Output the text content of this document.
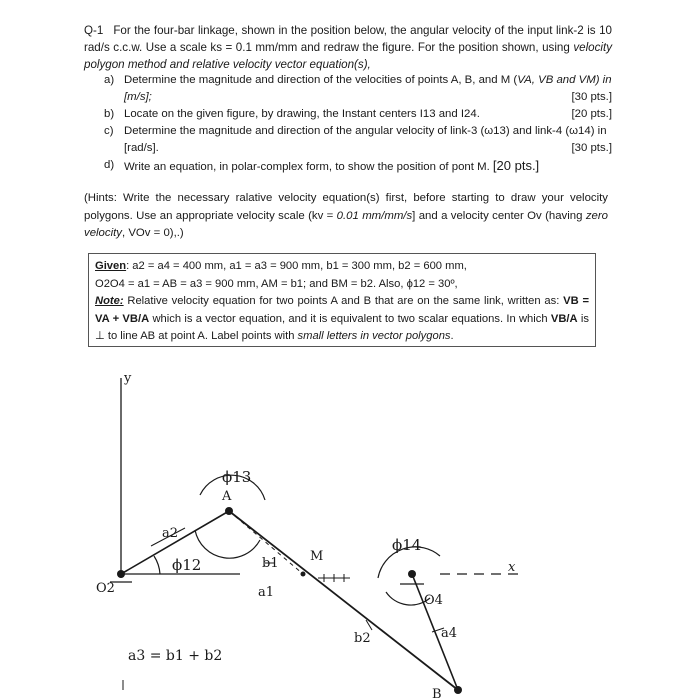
Q-1 For the four-bar linkage, shown in the position below, the angular velocity of the input link-2 is 10 rad/s c.c.w. Use a scale ks = 0.1 mm/mm and redraw the figure. For the position shown, using velocity polygon method and relative velocity vector equation(s),
a) Determine the magnitude and direction of the velocities of points A, B, and M (VA, VB and VM) in [m/s];	[30 pts.]
b) Locate on the given figure, by drawing, the Instant centers I13 and I24.	[20 pts.]
c) Determine the magnitude and direction of the angular velocity of link-3 (ω13) and link-4 (ω14) in [rad/s].	[30 pts.]
d) Write an equation, in polar-complex form, to show the position of pont M. [20 pts.]
(Hints: Write the necessary ralative velocity equation(s) first, before starting to draw your velocity polygons. Use an appropriate velocity scale (kv = 0.01 mm/mm/s] and a velocity center Ov (having zero velocity, VOv = 0),.)
Given: a2 = a4 = 400 mm, a1 = a3 = 900 mm, b1 = 300 mm, b2 = 600 mm,
O2O4 = a1 = AB = a3 = 900 mm, AM = b1; and BM = b2. Also, ϕ12 = 30º,
Note: Relative velocity equation for two points A and B that are on the same link, written as: VB = VA + VB/A which is a vector equation, and it is equivalent to two scalar equations. In which VB/A is ⊥ to line AB at point A. Label points with small letters in vector polygons.
y
x
ϕ13
A
a2
ϕ12	b1 M
ϕ14
O2	a1
O4
a4
b2
B
a3 = b1 + b2
